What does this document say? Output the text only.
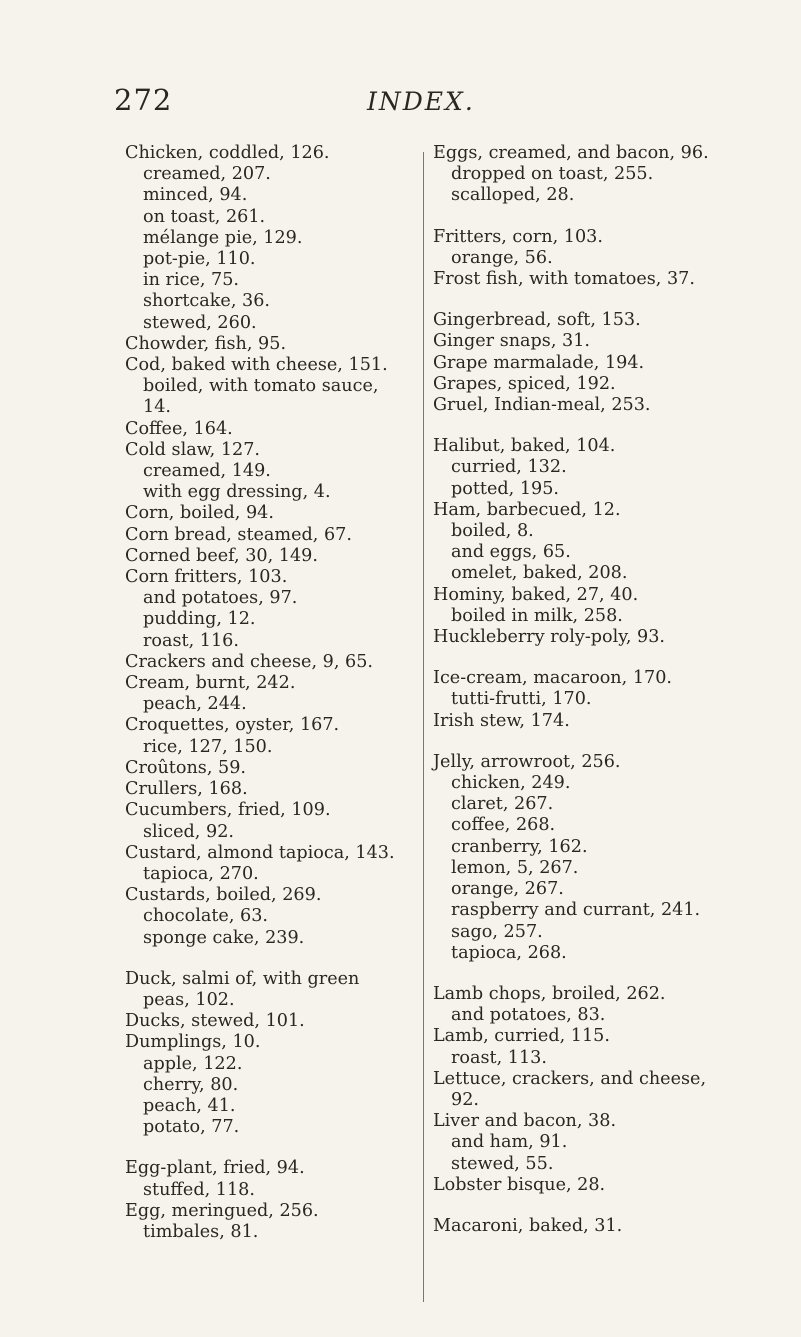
272	INDEX.
Chicken, coddled, 126.
creamed, 207.
minced, 94.
on toast, 261.
mélange pie, 129.
pot-pie, 110.
in rice, 75.
shortcake, 36.
stewed, 260.
Chowder, fish, 95.
Cod, baked with cheese, 151.
boiled, with tomato sauce,
14.
Coffee, 164.
Cold slaw, 127.
creamed, 149.
with egg dressing, 4.
Corn, boiled, 94.
Corn bread, steamed, 67.
Corned beef, 30, 149.
Corn fritters, 103.
and potatoes, 97.
pudding, 12.
roast, 116.
Crackers and cheese, 9, 65.
Cream, burnt, 242.
peach, 244.
Croquettes, oyster, 167.
rice, 127, 150.
Croûtons, 59.
Crullers, 168.
Cucumbers, fried, 109.
sliced, 92.
Custard, almond tapioca, 143.
tapioca, 270.
Custards, boiled, 269.
chocolate, 63.
sponge cake, 239.
Duck, salmi of, with green
peas, 102.
Ducks, stewed, 101.
Dumplings, 10.
apple, 122.
cherry, 80.
peach, 41.
potato, 77.
Egg-plant, fried, 94.
stuffed, 118.
Egg, meringued, 256.
timbales, 81.
Eggs, creamed, and bacon, 96.
dropped on toast, 255.
scalloped, 28.
Fritters, corn, 103.
orange, 56.
Frost fish, with tomatoes, 37.
Gingerbread, soft, 153.
Ginger snaps, 31.
Grape marmalade, 194.
Grapes, spiced, 192.
Gruel, Indian-meal, 253.
Halibut, baked, 104.
curried, 132.
potted, 195.
Ham, barbecued, 12.
boiled, 8.
and eggs, 65.
omelet, baked, 208.
Hominy, baked, 27, 40.
boiled in milk, 258.
Huckleberry roly-poly, 93.
Ice-cream, macaroon, 170.
tutti-frutti, 170.
Irish stew, 174.
Jelly, arrowroot, 256.
chicken, 249.
claret, 267.
coffee, 268.
cranberry, 162.
lemon, 5, 267.
orange, 267.
raspberry and currant, 241.
sago, 257.
tapioca, 268.
Lamb chops, broiled, 262.
and potatoes, 83.
Lamb, curried, 115.
roast, 113.
Lettuce, crackers, and cheese,
92.
Liver and bacon, 38.
and ham, 91.
stewed, 55.
Lobster bisque, 28.
Macaroni, baked, 31.
